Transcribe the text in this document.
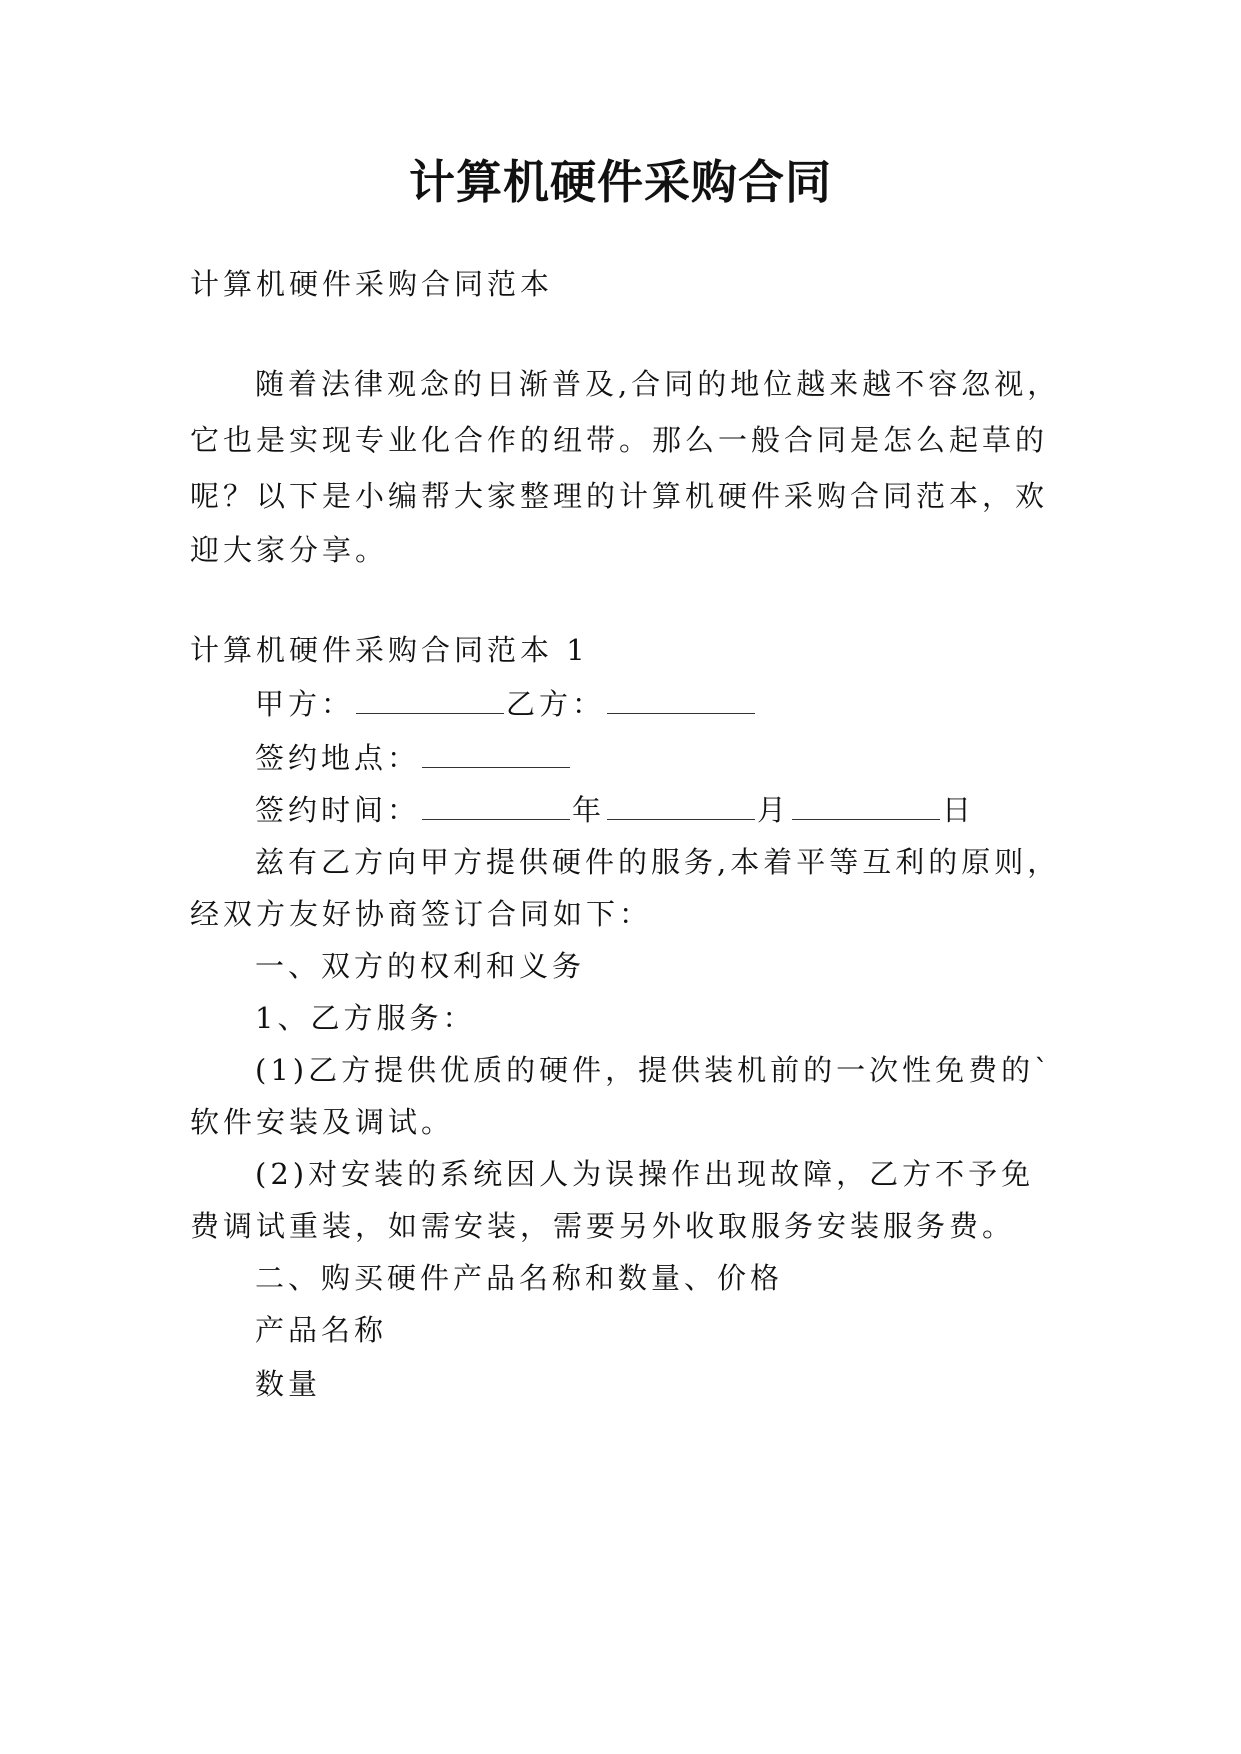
计算机硬件采购合同
计算机硬件采购合同范本
随着法律观念的日渐普及,合同的地位越来越不容忽视，
它也是实现专业化合作的纽带。那么一般合同是怎么起草的
呢？以下是小编帮大家整理的计算机硬件采购合同范本，欢
迎大家分享。
计算机硬件采购合同范本 1
甲方：	乙方：
签约地点：
签约时间：	年	月	日
兹有乙方向甲方提供硬件的服务,本着平等互利的原则，
经双方友好协商签订合同如下：
一、双方的权利和义务
1、乙方服务：
(1)乙方提供优质的硬件，提供装机前的一次性免费的`
软件安装及调试。
(2)对安装的系统因人为误操作出现故障，乙方不予免
费调试重装，如需安装，需要另外收取服务安装服务费。
二、购买硬件产品名称和数量、价格
产品名称
数量
